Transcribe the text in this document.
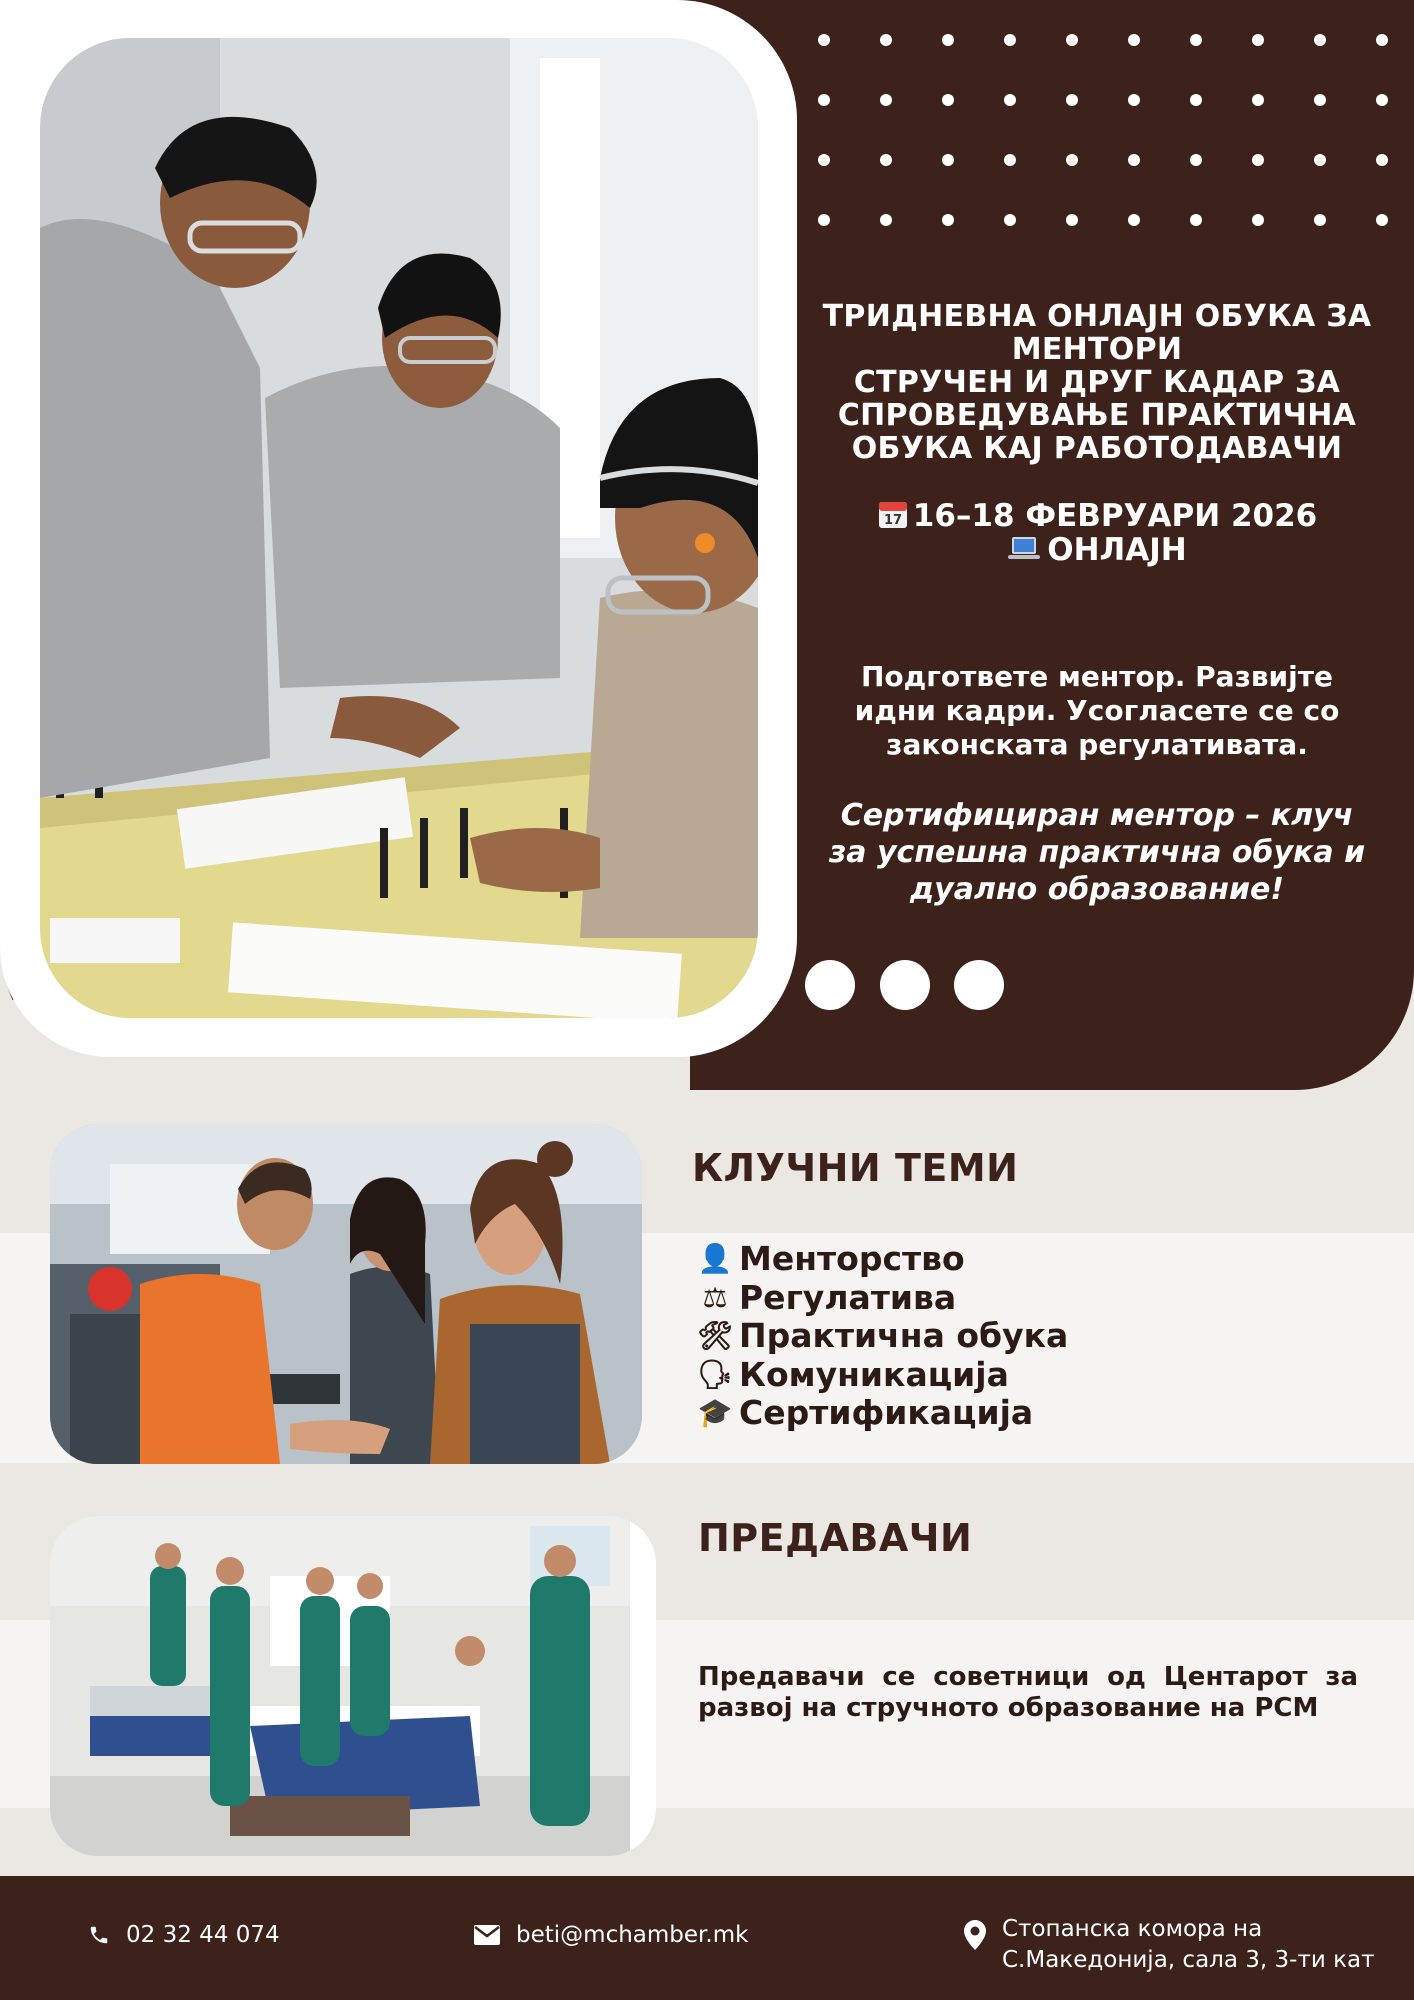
ТРИДНЕВНА ОНЛАЈН ОБУКА ЗА
МЕНТОРИ
СТРУЧЕН И ДРУГ КАДАР ЗА
СПРОВЕДУВАЊЕ ПРАКТИЧНА
ОБУКА КАЈ РАБОТОДАВАЧИ
17 16–18 ФЕВРУАРИ 2026
ОНЛАЈН
Подгответе ментор. Развијте
идни кадри. Усогласете се со
законската регулативата.
Сертифициран ментор – клуч
за успешна практична обука и
дуално образование!
КЛУЧНИ ТЕМИ
👤 Менторство
⚖ Регулатива
🛠 Практична обука
🗣 Комуникација
🎓 Сертификација
ПРЕДАВАЧИ

Предавачи се советници од Центарот за развој на стручното образование на РСМ

02 32 44 074	beti@mchamber.mk	Стопанска комора на
С.Македонија, сала 3, 3-ти кат
